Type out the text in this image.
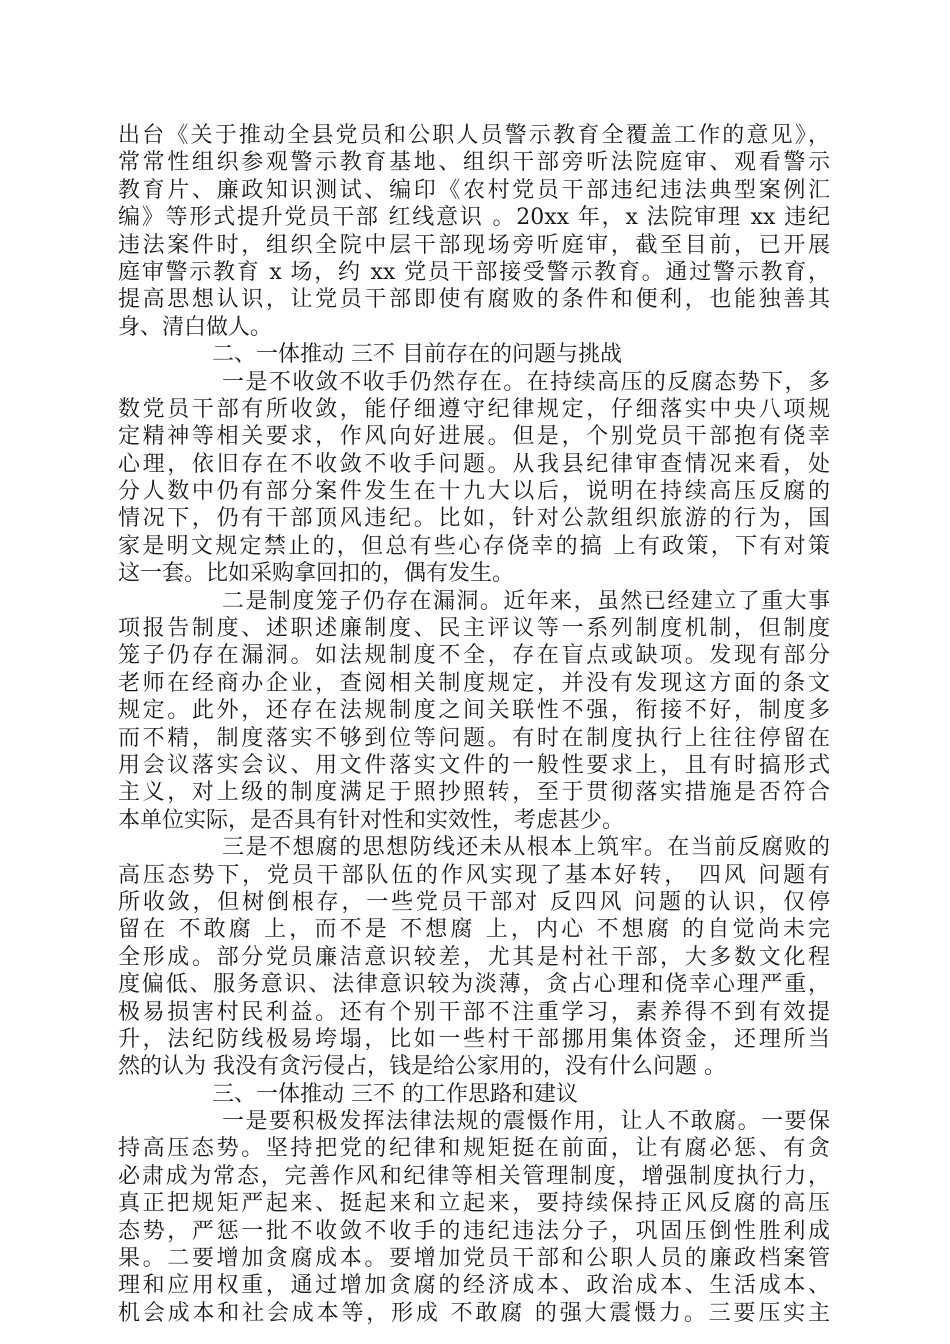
出台《关于推动全县党员和公职人员警示教育全覆盖工作的意见》，
常常性组织参观警示教育基地、组织干部旁听法院庭审、观看警示
教育片、廉政知识测试、编印《农村党员干部违纪违法典型案例汇
编》等形式提升党员干部 红线意识 。20xx 年，x 法院审理 xx 违纪
违法案件时，组织全院中层干部现场旁听庭审，截至目前，已开展
庭审警示教育 x 场，约 xx 党员干部接受警示教育。通过警示教育，
提高思想认识，让党员干部即使有腐败的条件和便利，也能独善其
身、清白做人。
二、一体推动 三不 目前存在的问题与挑战
一是不收敛不收手仍然存在。在持续高压的反腐态势下，多
数党员干部有所收敛，能仔细遵守纪律规定，仔细落实中央八项规
定精神等相关要求，作风向好进展。但是，个别党员干部抱有侥幸
心理，依旧存在不收敛不收手问题。从我县纪律审查情况来看，处
分人数中仍有部分案件发生在十九大以后，说明在持续高压反腐的
情况下，仍有干部顶风违纪。比如，针对公款组织旅游的行为，国
家是明文规定禁止的，但总有些心存侥幸的搞 上有政策，下有对策
这一套。比如采购拿回扣的，偶有发生。
二是制度笼子仍存在漏洞。近年来，虽然已经建立了重大事
项报告制度、述职述廉制度、民主评议等一系列制度机制，但制度
笼子仍存在漏洞。如法规制度不全，存在盲点或缺项。发现有部分
老师在经商办企业，查阅相关制度规定，并没有发现这方面的条文
规定。此外，还存在法规制度之间关联性不强，衔接不好，制度多
而不精，制度落实不够到位等问题。有时在制度执行上往往停留在
用会议落实会议、用文件落实文件的一般性要求上，且有时搞形式
主义，对上级的制度满足于照抄照转，至于贯彻落实措施是否符合
本单位实际，是否具有针对性和实效性，考虑甚少。
三是不想腐的思想防线还未从根本上筑牢。在当前反腐败的
高压态势下，党员干部队伍的作风实现了基本好转， 四风 问题有
所收敛，但树倒根存，一些党员干部对 反四风 问题的认识，仅停
留在 不敢腐 上，而不是 不想腐 上，内心 不想腐 的自觉尚未完
全形成。部分党员廉洁意识较差，尤其是村社干部，大多数文化程
度偏低、服务意识、法律意识较为淡薄，贪占心理和侥幸心理严重，
极易损害村民利益。还有个别干部不注重学习，素养得不到有效提
升，法纪防线极易垮塌，比如一些村干部挪用集体资金，还理所当
然的认为 我没有贪污侵占，钱是给公家用的，没有什么问题 。
三、一体推动 三不 的工作思路和建议
一是要积极发挥法律法规的震慑作用，让人不敢腐。一要保
持高压态势。坚持把党的纪律和规矩挺在前面，让有腐必惩、有贪
必肃成为常态，完善作风和纪律等相关管理制度，增强制度执行力，
真正把规矩严起来、挺起来和立起来，要持续保持正风反腐的高压
态势，严惩一批不收敛不收手的违纪违法分子，巩固压倒性胜利成
果。二要增加贪腐成本。要增加党员干部和公职人员的廉政档案管
理和应用权重，通过增加贪腐的经济成本、政治成本、生活成本、
机会成本和社会成本等，形成 不敢腐 的强大震慑力。三要压实主
